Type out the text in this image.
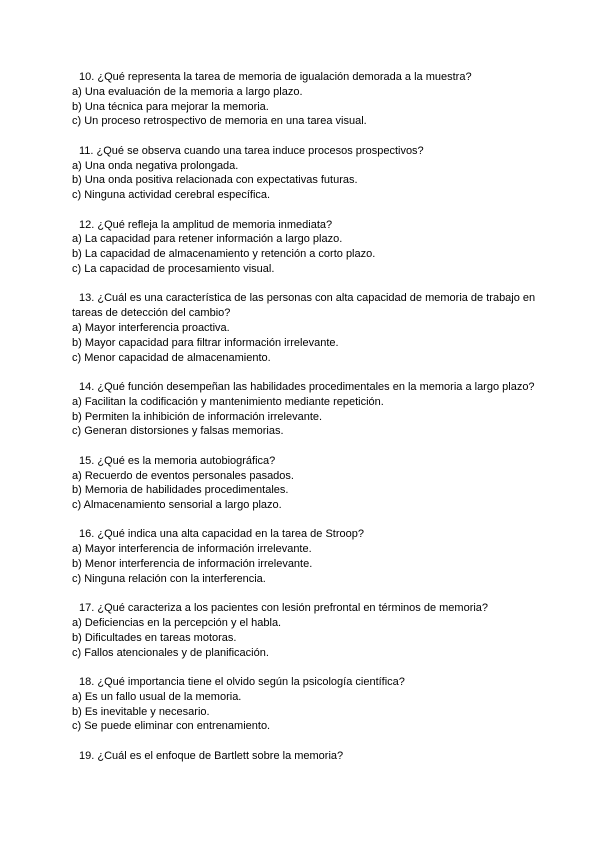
10. ¿Qué representa la tarea de memoria de igualación demorada a la muestra?
a) Una evaluación de la memoria a largo plazo.
b) Una técnica para mejorar la memoria.
c) Un proceso retrospectivo de memoria en una tarea visual.
11. ¿Qué se observa cuando una tarea induce procesos prospectivos?
a) Una onda negativa prolongada.
b) Una onda positiva relacionada con expectativas futuras.
c) Ninguna actividad cerebral específica.
12. ¿Qué refleja la amplitud de memoria inmediata?
a) La capacidad para retener información a largo plazo.
b) La capacidad de almacenamiento y retención a corto plazo.
c) La capacidad de procesamiento visual.
13. ¿Cuál es una característica de las personas con alta capacidad de memoria de trabajo en tareas de detección del cambio?
a) Mayor interferencia proactiva.
b) Mayor capacidad para filtrar información irrelevante.
c) Menor capacidad de almacenamiento.
14. ¿Qué función desempeñan las habilidades procedimentales en la memoria a largo plazo?
a) Facilitan la codificación y mantenimiento mediante repetición.
b) Permiten la inhibición de información irrelevante.
c) Generan distorsiones y falsas memorias.
15. ¿Qué es la memoria autobiográfica?
a) Recuerdo de eventos personales pasados.
b) Memoria de habilidades procedimentales.
c) Almacenamiento sensorial a largo plazo.
16. ¿Qué indica una alta capacidad en la tarea de Stroop?
a) Mayor interferencia de información irrelevante.
b) Menor interferencia de información irrelevante.
c) Ninguna relación con la interferencia.
17. ¿Qué caracteriza a los pacientes con lesión prefrontal en términos de memoria?
a) Deficiencias en la percepción y el habla.
b) Dificultades en tareas motoras.
c) Fallos atencionales y de planificación.
18. ¿Qué importancia tiene el olvido según la psicología científica?
a) Es un fallo usual de la memoria.
b) Es inevitable y necesario.
c) Se puede eliminar con entrenamiento.
19. ¿Cuál es el enfoque de Bartlett sobre la memoria?
